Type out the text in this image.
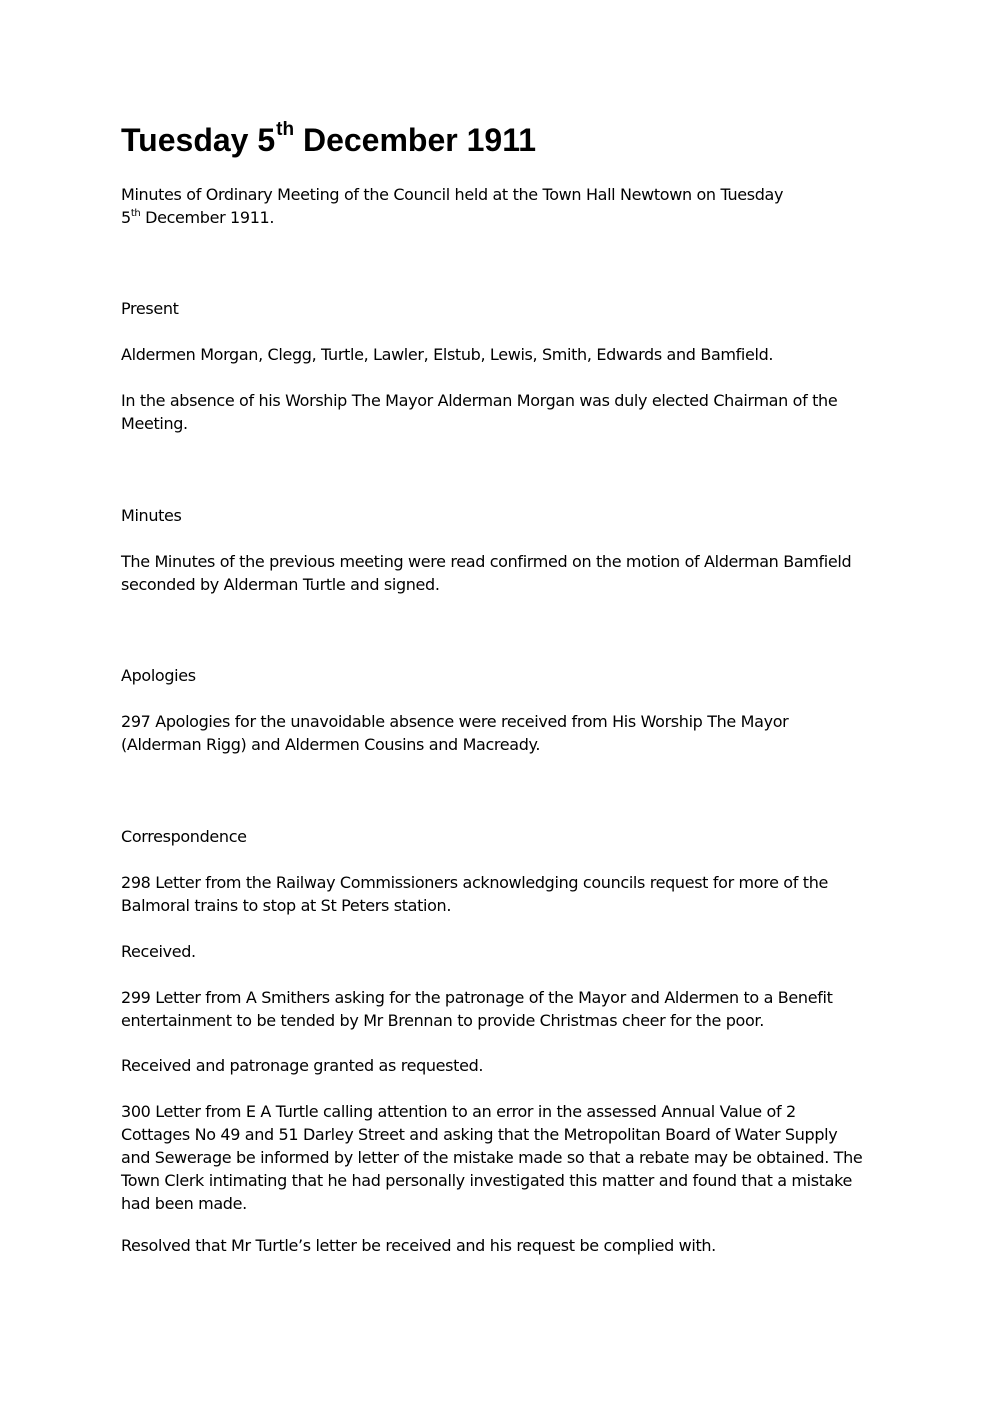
Tuesday 5th December 1911

Minutes of Ordinary Meeting of the Council held at the Town Hall Newtown on Tuesday
5th December 1911.

Present

Aldermen Morgan, Clegg, Turtle, Lawler, Elstub, Lewis, Smith, Edwards and Bamfield.

In the absence of his Worship The Mayor Alderman Morgan was duly elected Chairman of the
Meeting.

Minutes

The Minutes of the previous meeting were read confirmed on the motion of Alderman Bamfield
seconded by Alderman Turtle and signed.

Apologies

297 Apologies for the unavoidable absence were received from His Worship The Mayor
(Alderman Rigg) and Aldermen Cousins and Macready.

Correspondence

298 Letter from the Railway Commissioners acknowledging councils request for more of the
Balmoral trains to stop at St Peters station.

Received.

299 Letter from A Smithers asking for the patronage of the Mayor and Aldermen to a Benefit
entertainment to be tended by Mr Brennan to provide Christmas cheer for the poor.

Received and patronage granted as requested.

300 Letter from E A Turtle calling attention to an error in the assessed Annual Value of 2
Cottages No 49 and 51 Darley Street and asking that the Metropolitan Board of Water Supply
and Sewerage be informed by letter of the mistake made so that a rebate may be obtained. The
Town Clerk intimating that he had personally investigated this matter and found that a mistake
had been made.

Resolved that Mr Turtle’s letter be received and his request be complied with.
